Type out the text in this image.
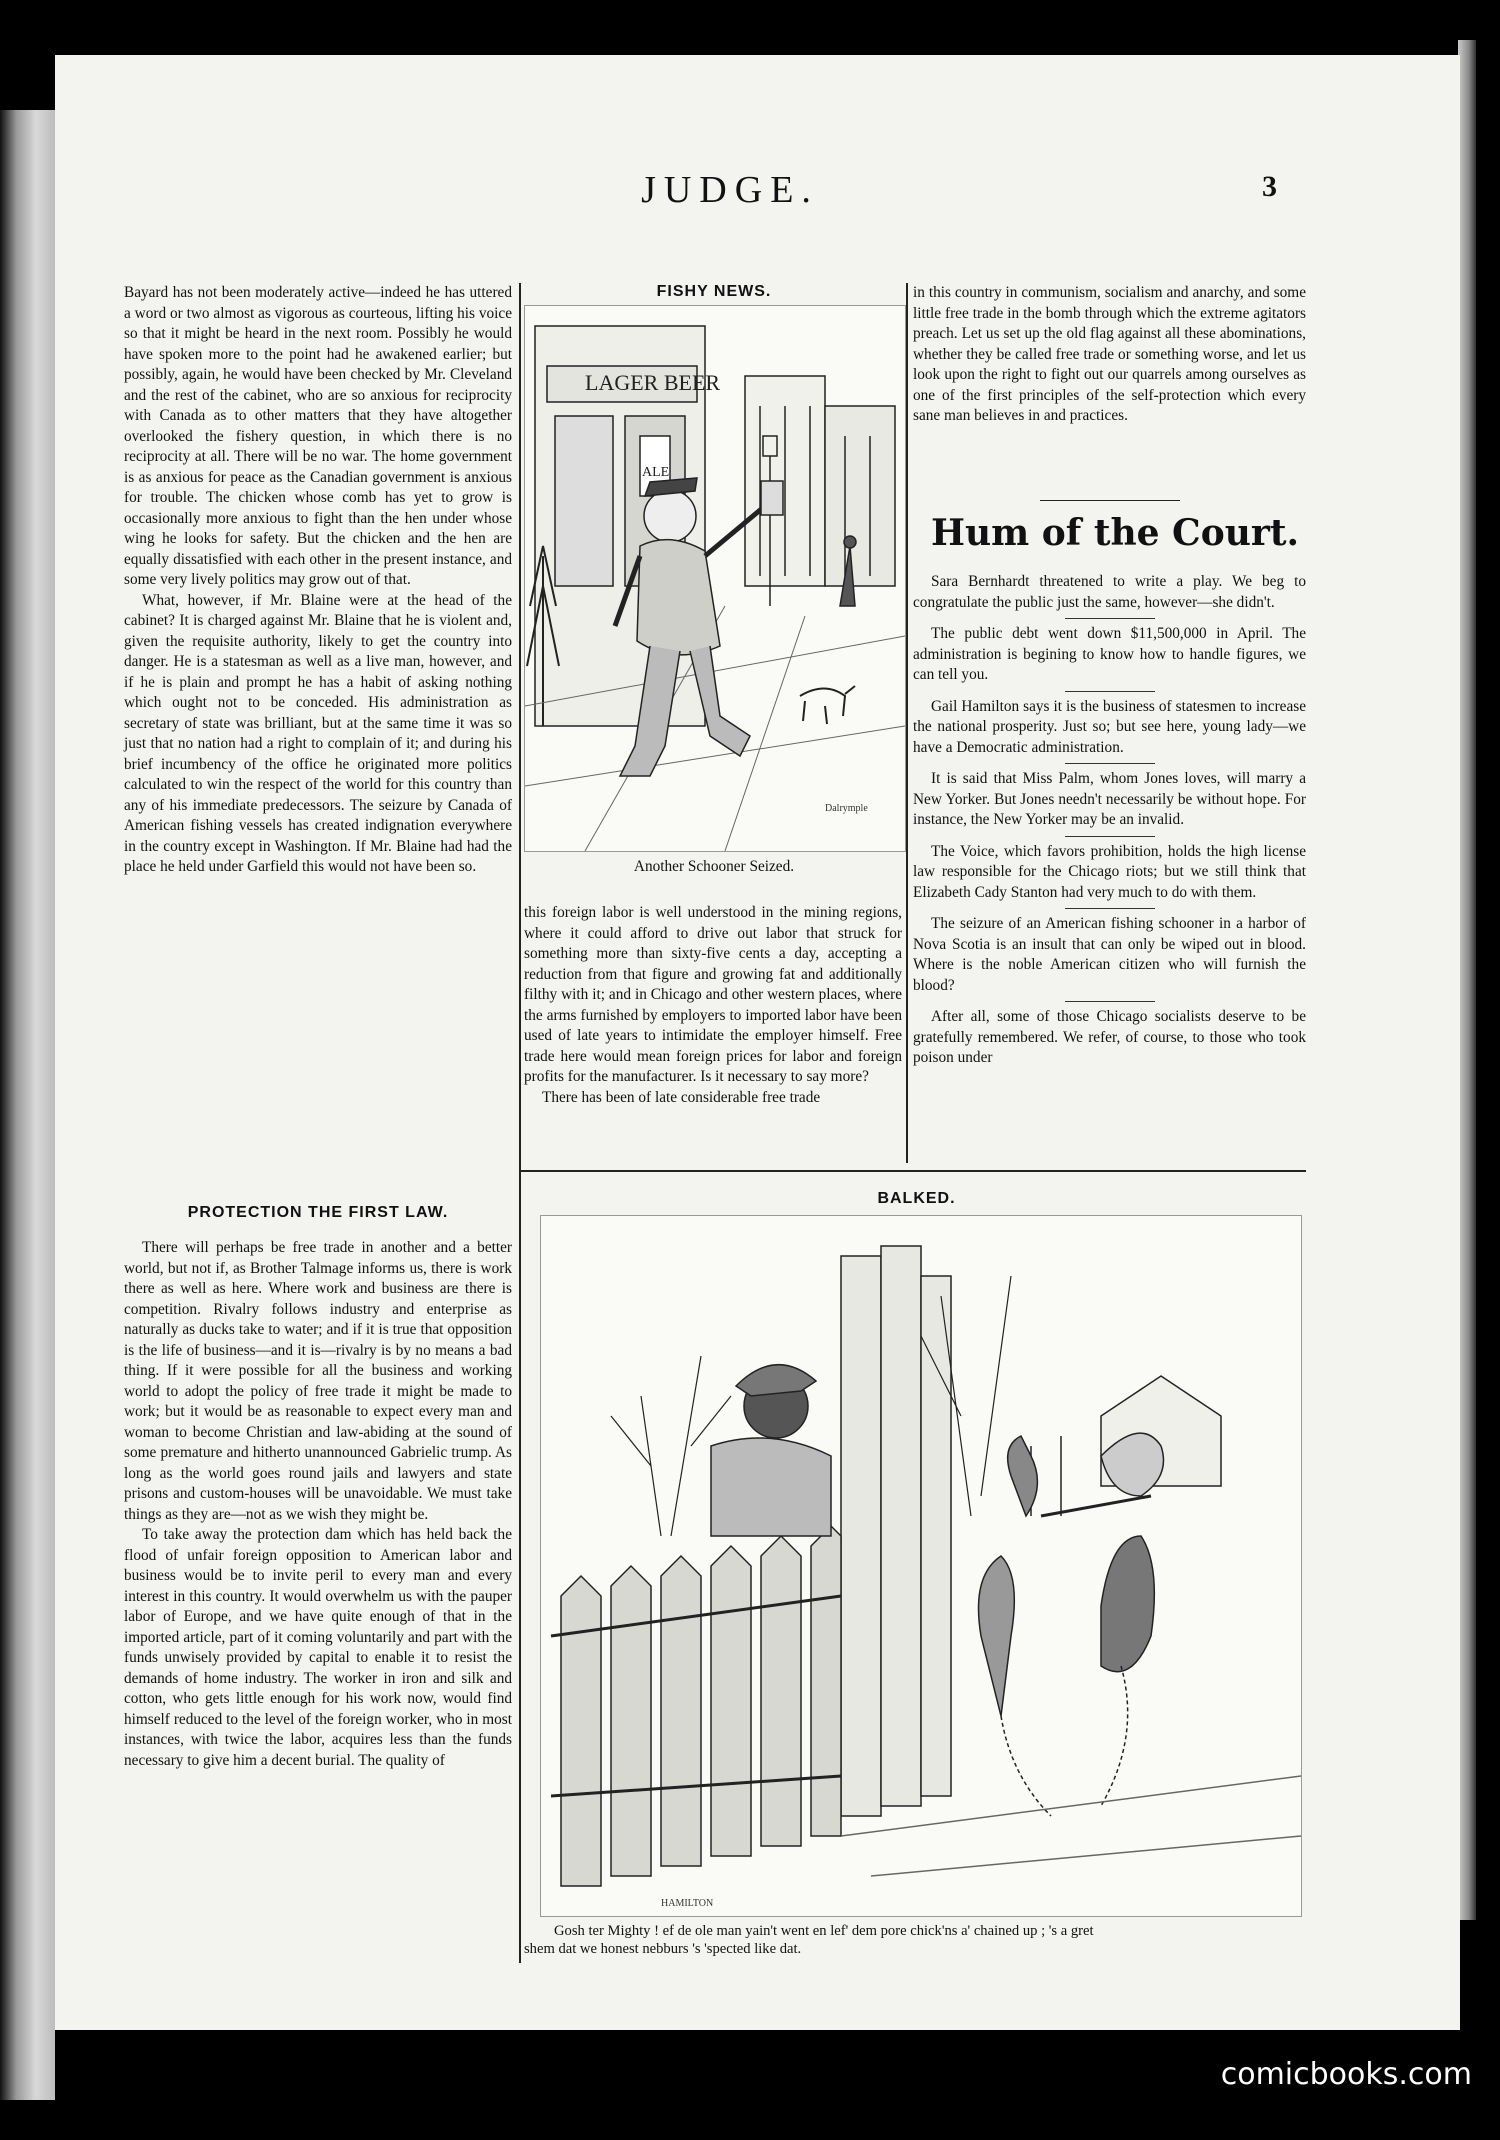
JUDGE.	3

Bayard has not been moderately active—indeed he has uttered a word or two almost as vigorous as courteous, lifting his voice so that it might be heard in the next room. Possibly he would have spoken more to the point had he awakened earlier; but possibly, again, he would have been checked by Mr. Cleveland and the rest of the cabinet, who are so anxious for reciprocity with Canada as to other matters that they have altogether overlooked the fishery question, in which there is no reciprocity at all. There will be no war. The home government is as anxious for peace as the Canadian government is anxious for trouble. The chicken whose comb has yet to grow is occasionally more anxious to fight than the hen under whose wing he looks for safety. But the chicken and the hen are equally dissatisfied with each other in the present instance, and some very lively politics may grow out of that.

What, however, if Mr. Blaine were at the head of the cabinet? It is charged against Mr. Blaine that he is violent and, given the requisite authority, likely to get the country into danger. He is a statesman as well as a live man, however, and if he is plain and prompt he has a habit of asking nothing which ought not to be conceded. His administration as secretary of state was brilliant, but at the same time it was so just that no nation had a right to complain of it; and during his brief incumbency of the office he originated more politics calculated to win the respect of the world for this country than any of his immediate predecessors. The seizure by Canada of American fishing vessels has created indignation everywhere in the country except in Washington. If Mr. Blaine had had the place he held under Garfield this would not have been so.

PROTECTION THE FIRST LAW.

There will perhaps be free trade in another and a better world, but not if, as Brother Talmage informs us, there is work there as well as here. Where work and business are there is competition. Rivalry follows industry and enterprise as naturally as ducks take to water; and if it is true that opposition is the life of business—and it is—rivalry is by no means a bad thing. If it were possible for all the business and working world to adopt the policy of free trade it might be made to work; but it would be as reasonable to expect every man and woman to become Christian and law-abiding at the sound of some premature and hitherto unannounced Gabrielic trump. As long as the world goes round jails and lawyers and state prisons and custom-houses will be unavoidable. We must take things as they are—not as we wish they might be.

To take away the protection dam which has held back the flood of unfair foreign opposition to American labor and business would be to invite peril to every man and every interest in this country. It would overwhelm us with the pauper labor of Europe, and we have quite enough of that in the imported article, part of it coming voluntarily and part with the funds unwisely provided by capital to enable it to resist the demands of home industry. The worker in iron and silk and cotton, who gets little enough for his work now, would find himself reduced to the level of the foreign worker, who in most instances, with twice the labor, acquires less than the funds necessary to give him a decent burial. The quality of

FISHY NEWS.
LAGER BEER
ALE
Dalrymple
Another Schooner Seized.

this foreign labor is well understood in the mining regions, where it could afford to drive out labor that struck for something more than sixty-five cents a day, accepting a reduction from that figure and growing fat and additionally filthy with it; and in Chicago and other western places, where the arms furnished by employers to imported labor have been used of late years to intimidate the employer himself. Free trade here would mean foreign prices for labor and foreign profits for the manufacturer. Is it necessary to say more?

There has been of late considerable free trade

in this country in communism, socialism and anarchy, and some little free trade in the bomb through which the extreme agitators preach. Let us set up the old flag against all these abominations, whether they be called free trade or something worse, and let us look upon the right to fight out our quarrels among ourselves as one of the first principles of the self-protection which every sane man believes in and practices.

Hum of the Court.

Sara Bernhardt threatened to write a play. We beg to congratulate the public just the same, however—she didn't.

The public debt went down $11,500,000 in April. The administration is begining to know how to handle figures, we can tell you.

Gail Hamilton says it is the business of statesmen to increase the national prosperity. Just so; but see here, young lady—we have a Democratic administration.

It is said that Miss Palm, whom Jones loves, will marry a New Yorker. But Jones needn't necessarily be without hope. For instance, the New Yorker may be an invalid.

The Voice, which favors prohibition, holds the high license law responsible for the Chicago riots; but we still think that Elizabeth Cady Stanton had very much to do with them.

The seizure of an American fishing schooner in a harbor of Nova Scotia is an insult that can only be wiped out in blood. Where is the noble American citizen who will furnish the blood?

After all, some of those Chicago socialists deserve to be gratefully remembered. We refer, of course, to those who took poison under

BALKED.
HAMILTON
Gosh ter Mighty ! ef de ole man yain't went en lef' dem pore chick'ns a' chained up ; 's a gret
shem dat we honest nebburs 's 'spected like dat.
comicbooks.com
